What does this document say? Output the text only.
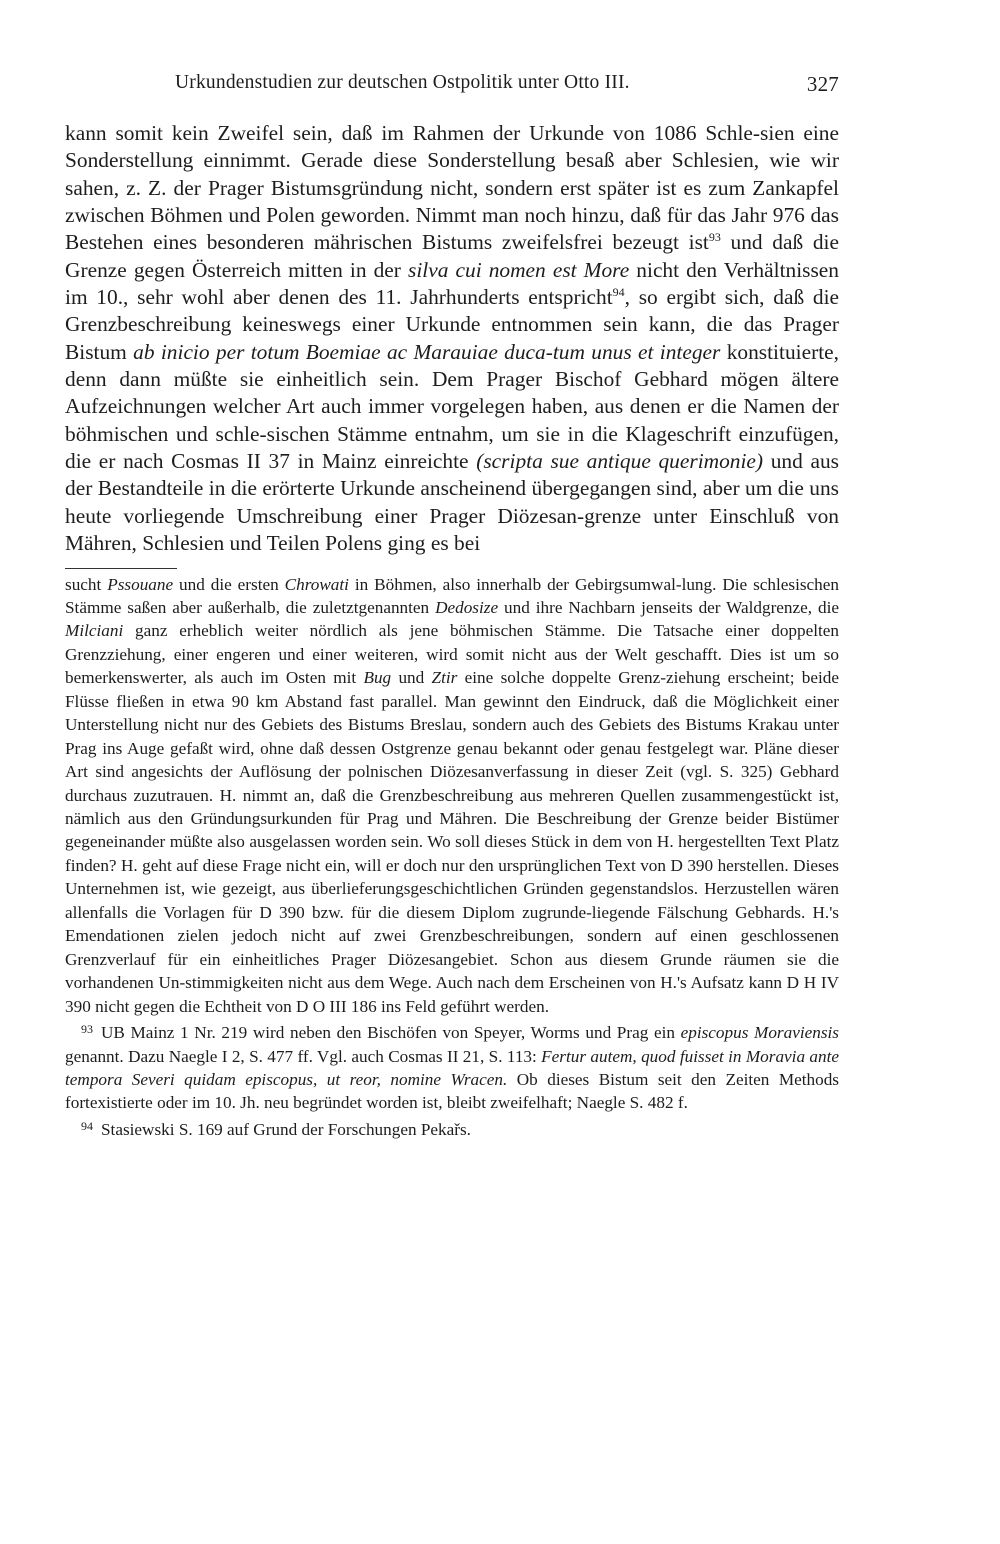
Urkundenstudien zur deutschen Ostpolitik unter Otto III.	327

kann somit kein Zweifel sein, daß im Rahmen der Urkunde von 1086 Schle-sien eine Sonderstellung einnimmt. Gerade diese Sonderstellung besaß aber Schlesien, wie wir sahen, z. Z. der Prager Bistumsgründung nicht, sondern erst später ist es zum Zankapfel zwischen Böhmen und Polen geworden. Nimmt man noch hinzu, daß für das Jahr 976 das Bestehen eines besonderen mährischen Bistums zweifelsfrei bezeugt ist$^{93}$ und daß die Grenze gegen Österreich mitten in der silva cui nomen est More nicht den Verhältnissen im 10., sehr wohl aber denen des 11. Jahrhunderts entspricht$^{94}$, so ergibt sich, daß die Grenzbeschreibung keineswegs einer Urkunde entnommen sein kann, die das Prager Bistum ab inicio per totum Boemiae ac Marauiae duca-tum unus et integer konstituierte, denn dann müßte sie einheitlich sein. Dem Prager Bischof Gebhard mögen ältere Aufzeichnungen welcher Art auch immer vorgelegen haben, aus denen er die Namen der böhmischen und schle-sischen Stämme entnahm, um sie in die Klageschrift einzufügen, die er nach Cosmas II 37 in Mainz einreichte (scripta sue antique querimonie) und aus der Bestandteile in die erörterte Urkunde anscheinend übergegangen sind, aber um die uns heute vorliegende Umschreibung einer Prager Diözesan-grenze unter Einschluß von Mähren, Schlesien und Teilen Polens ging es bei

sucht Pssouane und die ersten Chrowati in Böhmen, also innerhalb der Gebirgsumwal-lung. Die schlesischen Stämme saßen aber außerhalb, die zuletztgenannten Dedosize und ihre Nachbarn jenseits der Waldgrenze, die Milciani ganz erheblich weiter nördlich als jene böhmischen Stämme. Die Tatsache einer doppelten Grenzziehung, einer engeren und einer weiteren, wird somit nicht aus der Welt geschafft. Dies ist um so bemerkenswerter, als auch im Osten mit Bug und Ztir eine solche doppelte Grenz-ziehung erscheint; beide Flüsse fließen in etwa 90 km Abstand fast parallel. Man gewinnt den Eindruck, daß die Möglichkeit einer Unterstellung nicht nur des Gebiets des Bistums Breslau, sondern auch des Gebiets des Bistums Krakau unter Prag ins Auge gefaßt wird, ohne daß dessen Ostgrenze genau bekannt oder genau festgelegt war. Pläne dieser Art sind angesichts der Auflösung der polnischen Diözesanverfassung in dieser Zeit (vgl. S. 325) Gebhard durchaus zuzutrauen. H. nimmt an, daß die Grenzbeschreibung aus mehreren Quellen zusammengestückt ist, nämlich aus den Gründungsurkunden für Prag und Mähren. Die Beschreibung der Grenze beider Bistümer gegeneinander müßte also ausgelassen worden sein. Wo soll dieses Stück in dem von H. hergestellten Text Platz finden? H. geht auf diese Frage nicht ein, will er doch nur den ursprünglichen Text von D 390 herstellen. Dieses Unternehmen ist, wie gezeigt, aus überlieferungsgeschichtlichen Gründen gegenstandslos. Herzustellen wären allenfalls die Vorlagen für D 390 bzw. für die diesem Diplom zugrunde-liegende Fälschung Gebhards. H.'s Emendationen zielen jedoch nicht auf zwei Grenzbeschreibungen, sondern auf einen geschlossenen Grenzverlauf für ein einheitliches Prager Diözesangebiet. Schon aus diesem Grunde räumen sie die vorhandenen Un-stimmigkeiten nicht aus dem Wege. Auch nach dem Erscheinen von H.'s Aufsatz kann D H IV 390 nicht gegen die Echtheit von D O III 186 ins Feld geführt werden.

$^{93}$ UB Mainz 1 Nr. 219 wird neben den Bischöfen von Speyer, Worms und Prag ein episcopus Moraviensis genannt. Dazu Naegle I 2, S. 477 ff. Vgl. auch Cosmas II 21, S. 113: Fertur autem, quod fuisset in Moravia ante tempora Severi quidam episcopus, ut reor, nomine Wracen. Ob dieses Bistum seit den Zeiten Methods fortexistierte oder im 10. Jh. neu begründet worden ist, bleibt zweifelhaft; Naegle S. 482 f.

$^{94}$ Stasiewski S. 169 auf Grund der Forschungen Pekařs.
